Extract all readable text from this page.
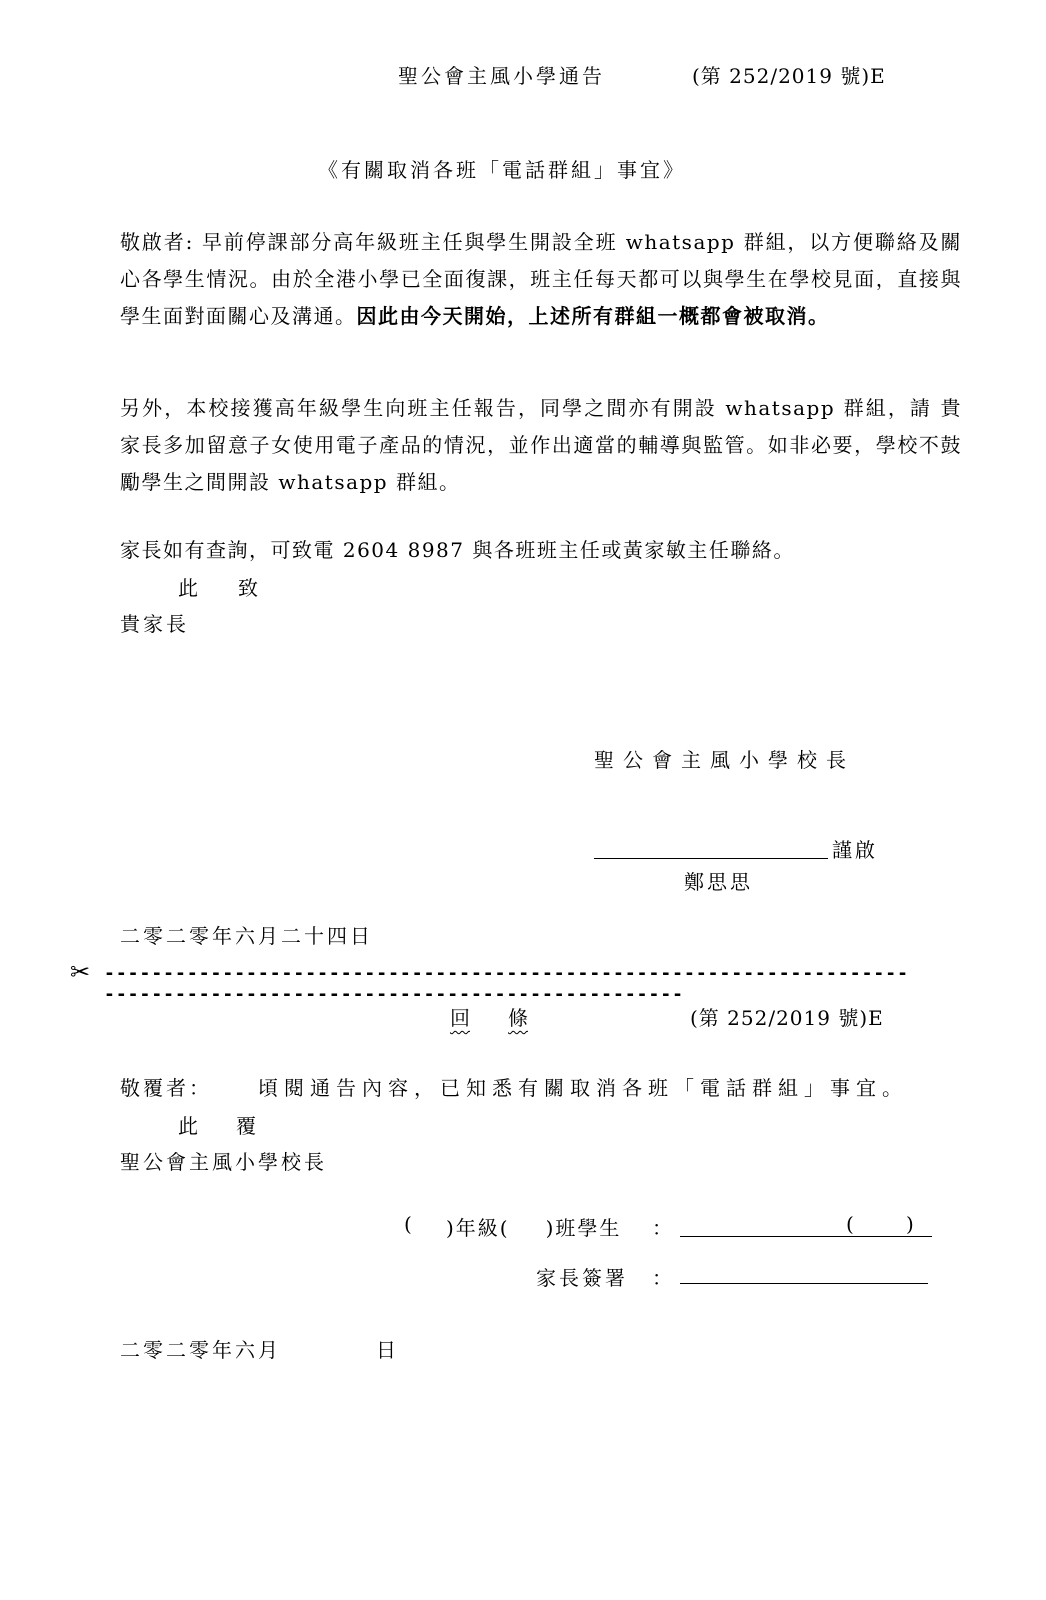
聖公會主風小學通告	(第 252/2019 號)E
《有關取消各班「電話群組」事宜》
敬啟者: 早前停課部分高年級班主任與學生開設全班 whatsapp 群組，以方便聯絡及關心各學生情況。由於全港小學已全面復課，班主任每天都可以與學生在學校見面，直接與學生面對面關心及溝通。因此由今天開始，上述所有群組一概都會被取消。
另外，本校接獲高年級學生向班主任報告，同學之間亦有開設 whatsapp 群組，請 貴家長多加留意子女使用電子產品的情況，並作出適當的輔導與監管。如非必要，學校不鼓勵學生之間開設 whatsapp 群組。
家長如有查詢，可致電 2604 8987 與各班班主任或黃家敏主任聯絡。
此 致
貴家長
聖公會主風小學校長
謹啟
鄭思思
二零二零年六月二十四日
✂ ---------------------------------------------------------------------------------------------------------------------
回 條	(第 252/2019 號)E
敬覆者： 頃閱通告內容，已知悉有關取消各班「電話群組」事宜。
此 覆
聖公會主風小學校長
( )年級( )班學生 ：	(	)
家長簽署 ：
二零二零年六月	日
